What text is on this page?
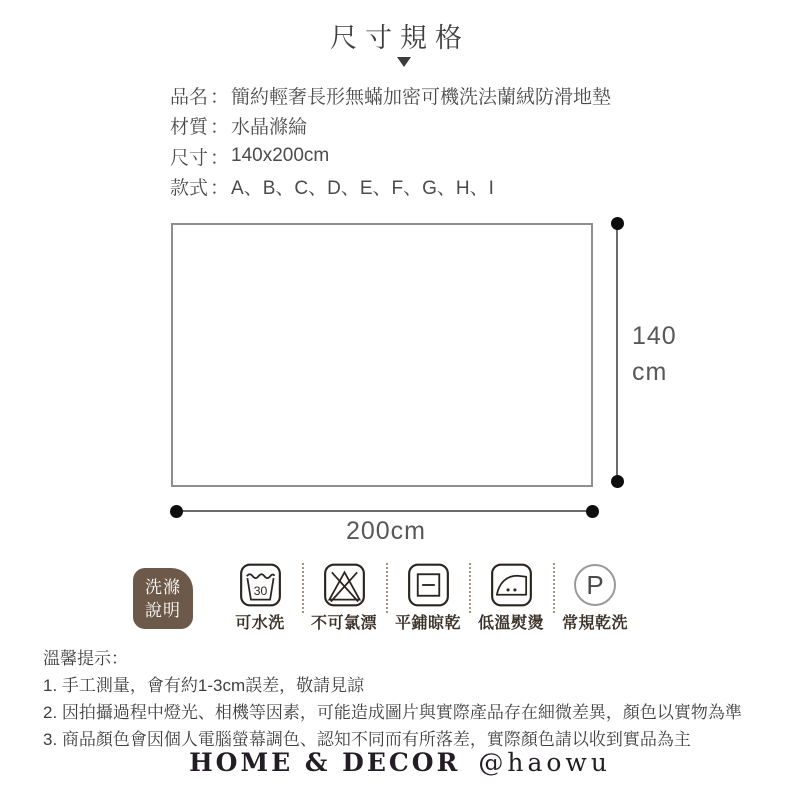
尺寸規格
品名 ： 簡約輕奢長形無蟎加密可機洗法蘭絨防滑地墊
材質 ： 水晶滌綸
尺寸 ： 140x200cm
款式 ： A、B、C、D、E、F、G、H、I
140
cm
200cm
洗滌
說明
30
可水洗 不可氯漂 平鋪晾乾 低溫熨燙
P
常規乾洗
溫馨提示：
1. 手工測量，會有約1-3cm誤差，敬請見諒
2. 因拍攝過程中燈光、相機等因素，可能造成圖片與實際產品存在細微差異，顏色以實物為準
3. 商品顏色會因個人電腦螢幕調色、認知不同而有所落差，實際顏色請以收到實品為主
HOME & DECOR @haowu
